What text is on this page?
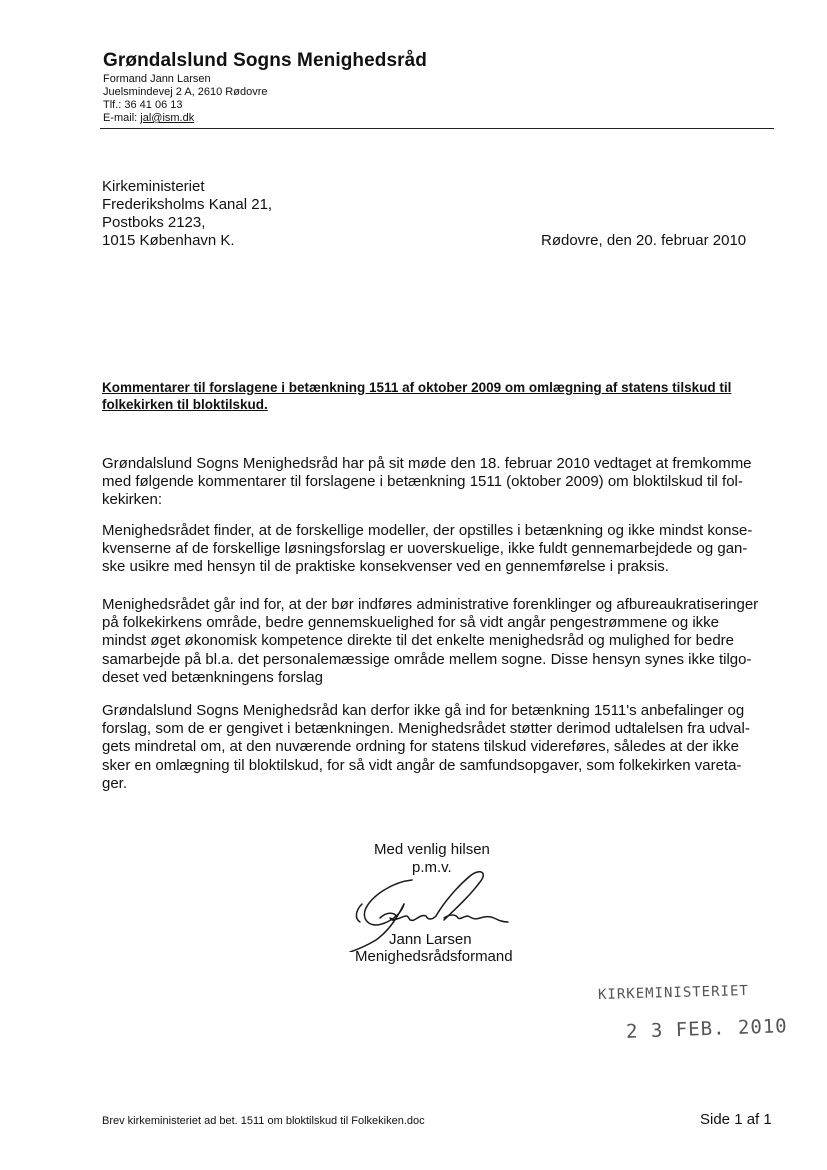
Grøndalslund Sogns Menighedsråd
Formand Jann Larsen
Juelsmindevej 2 A, 2610 Rødovre
Tlf.: 36 41 06 13
E-mail: jal@ism.dk
Kirkeministeriet
Frederiksholms Kanal 21,
Postboks 2123,
1015 København K.	Rødovre, den 20. februar 2010
Kommentarer til forslagene i betænkning 1511 af oktober 2009 om omlægning af statens tilskud til folkekirken til bloktilskud.
Grøndalslund Sogns Menighedsråd har på sit møde den 18. februar 2010 vedtaget at fremkomme
med følgende kommentarer til forslagene i betænkning 1511 (oktober 2009) om bloktilskud til fol-
kekirken:
Menighedsrådet finder, at de forskellige modeller, der opstilles i betænkning og ikke mindst konse-
kvenserne af de forskellige løsningsforslag er uoverskuelige, ikke fuldt gennemarbejdede og gan-
ske usikre med hensyn til de praktiske konsekvenser ved en gennemførelse i praksis.
Menighedsrådet går ind for, at der bør indføres administrative forenklinger og afbureaukratiseringer
på folkekirkens område, bedre gennemskuelighed for så vidt angår pengestrømmene og ikke
mindst øget økonomisk kompetence direkte til det enkelte menighedsråd og mulighed for bedre
samarbejde på bl.a. det personalemæssige område mellem sogne. Disse hensyn synes ikke tilgo-
deset ved betænkningens forslag
Grøndalslund Sogns Menighedsråd kan derfor ikke gå ind for betænkning 1511's anbefalinger og
forslag, som de er gengivet i betænkningen. Menighedsrådet støtter derimod udtalelsen fra udval-
gets mindretal om, at den nuværende ordning for statens tilskud videreføres, således at der ikke
sker en omlægning til bloktilskud, for så vidt angår de samfundsopgaver, som folkekirken vareta-
ger.
Med venlig hilsen
p.m.v.
Jann Larsen
Menighedsrådsformand
KIRKEMINISTERIET
2 3 FEB. 2010
Brev kirkeministeriet ad bet. 1511 om bloktilskud til Folkekiken.doc	Side 1 af 1
